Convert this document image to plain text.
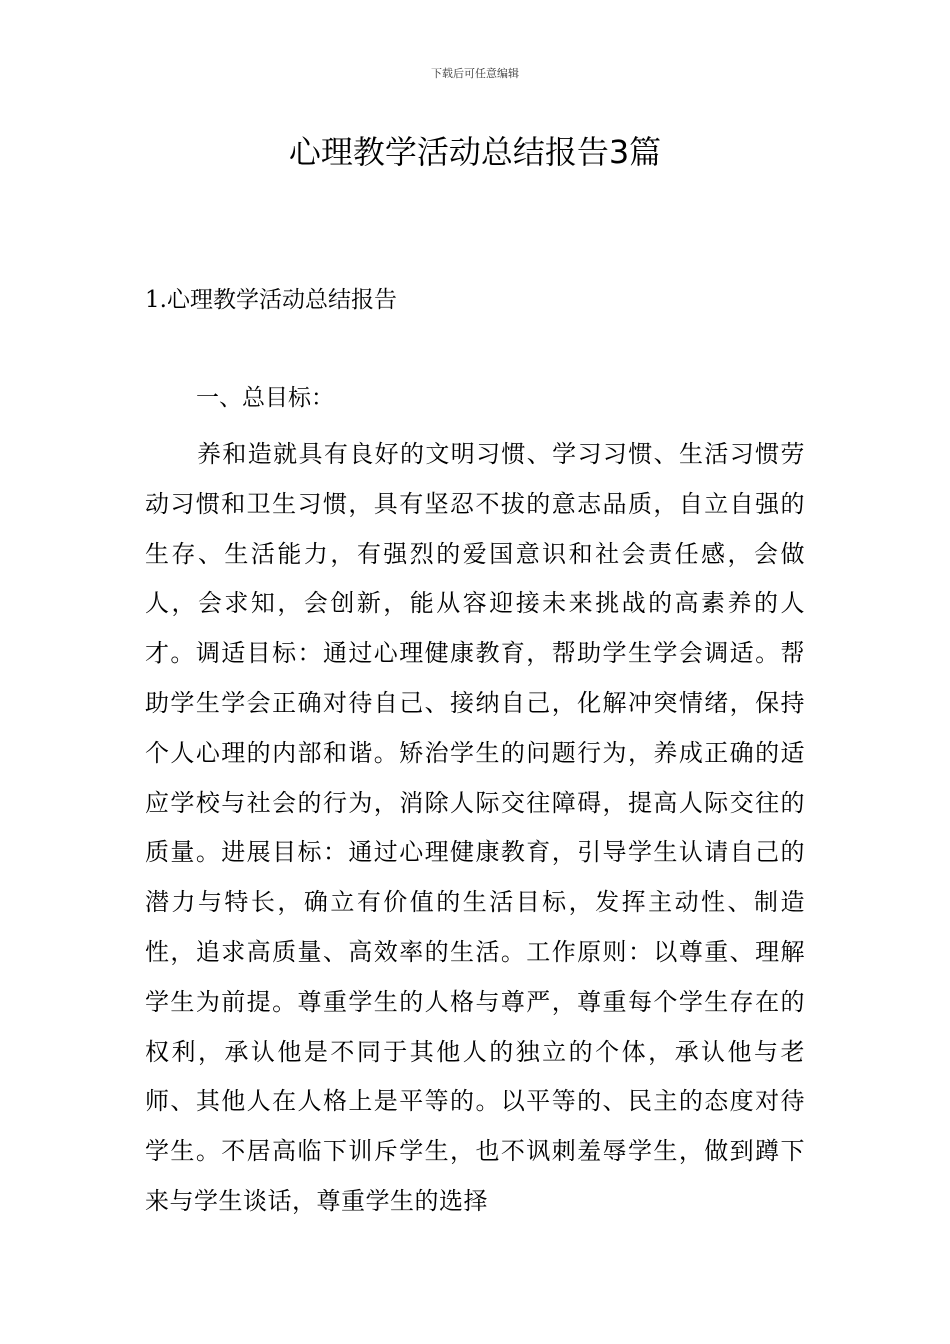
下载后可任意编辑
心理教学活动总结报告3篇
1.心理教学活动总结报告
一、总目标：

养和造就具有良好的文明习惯、学习习惯、生活习惯劳动习惯和卫生习惯，具有坚忍不拔的意志品质，自立自强的生存、生活能力，有强烈的爱国意识和社会责任感，会做人，会求知，会创新，能从容迎接未来挑战的高素养的人才。调适目标：通过心理健康教育，帮助学生学会调适。帮助学生学会正确对待自己、接纳自己，化解冲突情绪，保持个人心理的内部和谐。矫治学生的问题行为，养成正确的适应学校与社会的行为，消除人际交往障碍，提高人际交往的质量。进展目标：通过心理健康教育，引导学生认请自己的潜力与特长，确立有价值的生活目标，发挥主动性、制造性，追求高质量、高效率的生活。工作原则：以尊重、理解学生为前提。尊重学生的人格与尊严，尊重每个学生存在的权利，承认他是不同于其他人的独立的个体，承认他与老师、其他人在人格上是平等的。以平等的、民主的态度对待学生。不居高临下训斥学生，也不讽刺羞辱学生，做到蹲下来与学生谈话，尊重学生的选择
